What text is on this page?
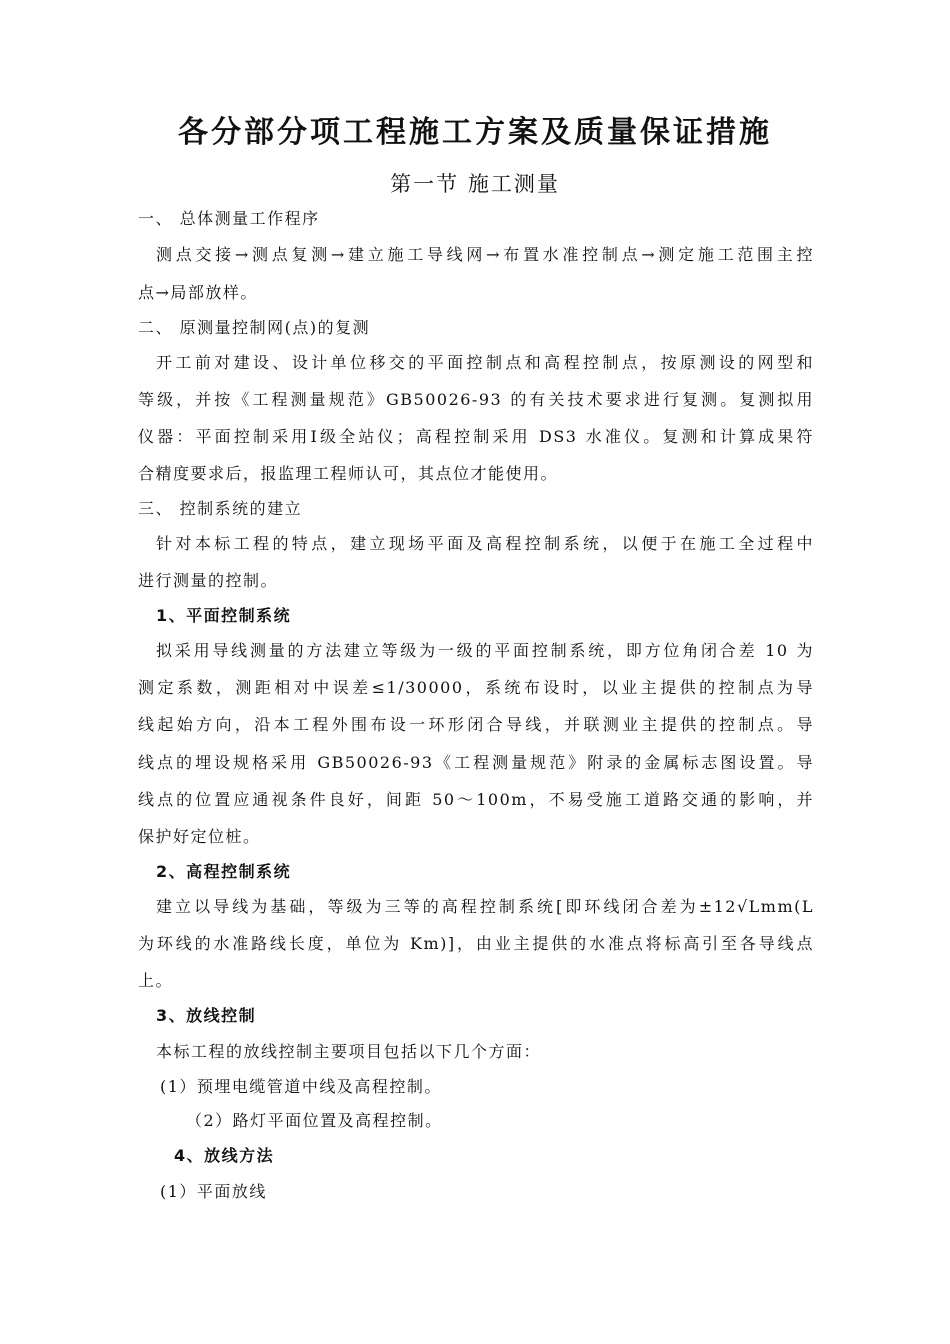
各分部分项工程施工方案及质量保证措施
第一节 施工测量
一、 总体测量工作程序
测点交接→测点复测→建立施工导线网→布置水准控制点→测定施工范围主控
点→局部放样。
二、 原测量控制网(点)的复测
开工前对建设、设计单位移交的平面控制点和高程控制点，按原测设的网型和
等级，并按《工程测量规范》GB50026-93 的有关技术要求进行复测。复测拟用
仪器：平面控制采用Ⅰ级全站仪；高程控制采用 DS3 水准仪。复测和计算成果符
合精度要求后，报监理工程师认可，其点位才能使用。
三、 控制系统的建立
针对本标工程的特点，建立现场平面及高程控制系统，以便于在施工全过程中
进行测量的控制。
1、平面控制系统
拟采用导线测量的方法建立等级为一级的平面控制系统，即方位角闭合差 10 为
测定系数，测距相对中误差≤1/30000，系统布设时，以业主提供的控制点为导
线起始方向，沿本工程外围布设一环形闭合导线，并联测业主提供的控制点。导
线点的埋设规格采用 GB50026-93《工程测量规范》附录的金属标志图设置。导
线点的位置应通视条件良好，间距 50～100m，不易受施工道路交通的影响，并
保护好定位桩。
2、高程控制系统
建立以导线为基础，等级为三等的高程控制系统[即环线闭合差为±12√Lmm(L
为环线的水准路线长度，单位为 Km)]，由业主提供的水准点将标高引至各导线点
上。
3、放线控制
本标工程的放线控制主要项目包括以下几个方面：
(1）预埋电缆管道中线及高程控制。
（2）路灯平面位置及高程控制。
4、放线方法
(1）平面放线
